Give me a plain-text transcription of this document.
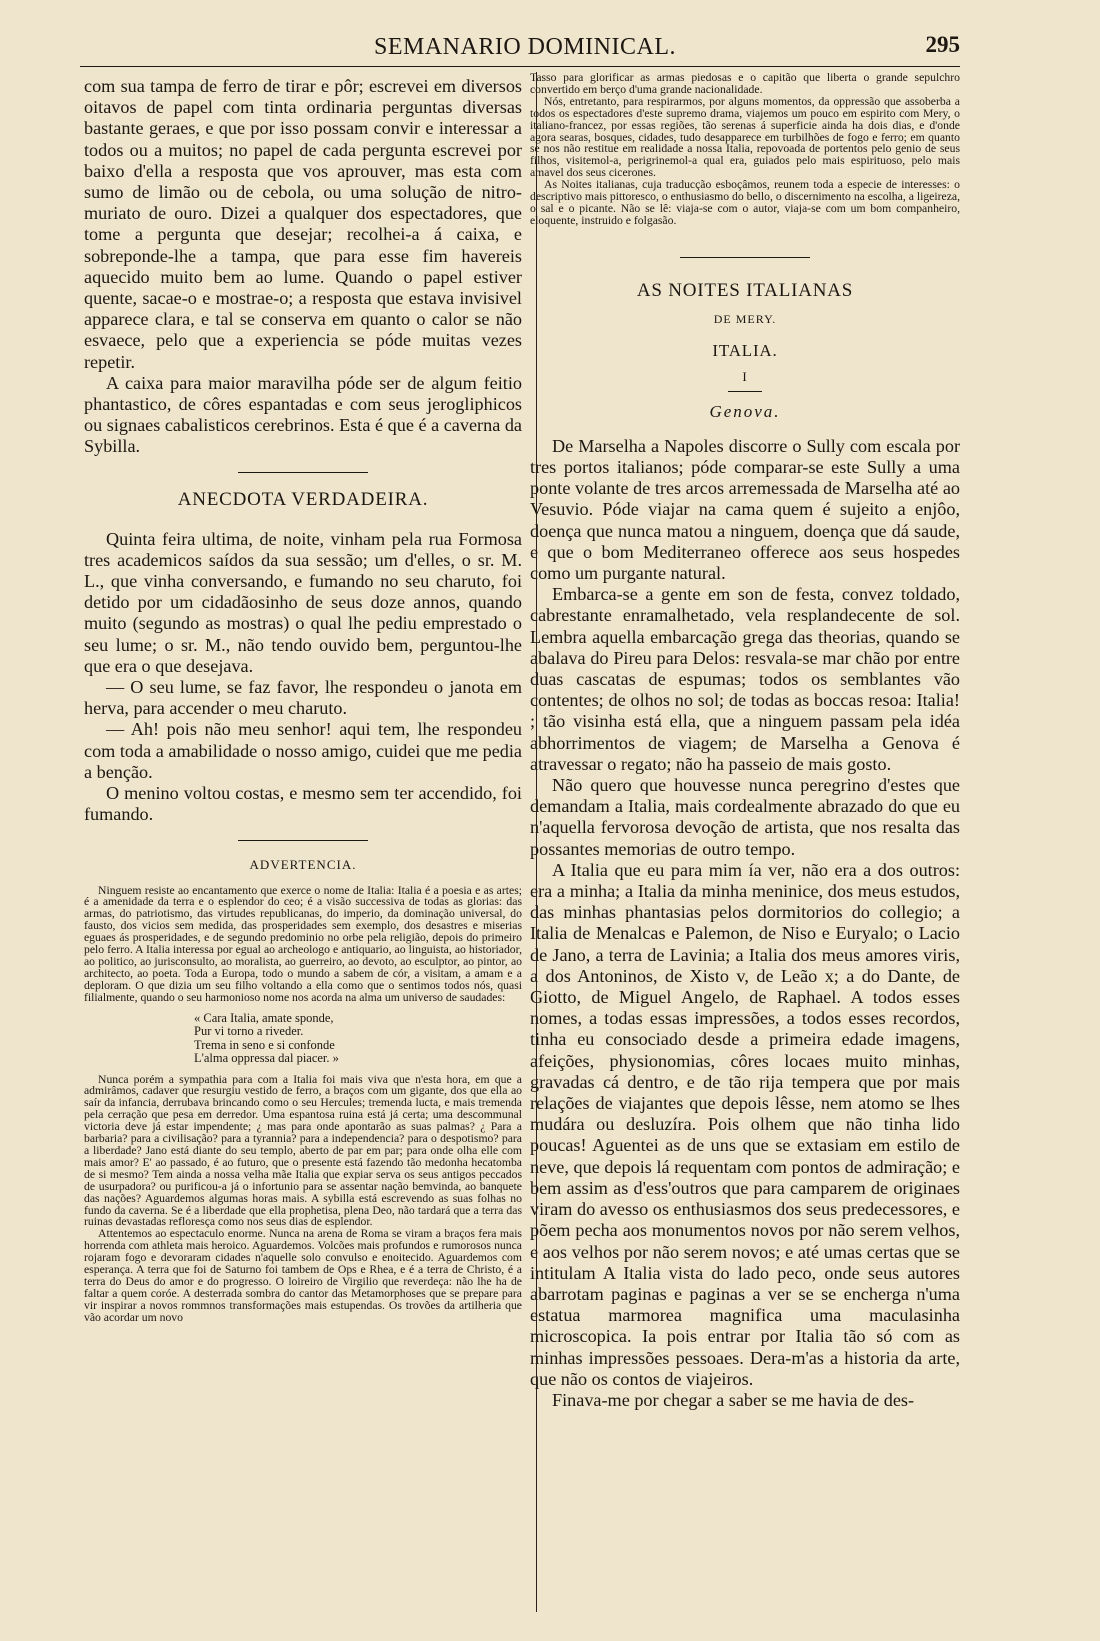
SEMANARIO DOMINICAL.	295

com sua tampa de ferro de tirar e pôr; escrevei em diversos oitavos de papel com tinta ordinaria perguntas diversas bastante geraes, e que por isso possam convir e interessar a todos ou a muitos; no papel de cada pergunta escrevei por baixo d'ella a resposta que vos aprouver, mas esta com sumo de limão ou de cebola, ou uma solução de nitro-muriato de ouro. Dizei a qualquer dos espectadores, que tome a pergunta que desejar; recolhei-a á caixa, e sobreponde-lhe a tampa, que para esse fim havereis aquecido muito bem ao lume. Quando o papel estiver quente, sacae-o e mostrae-o; a resposta que estava invisivel apparece clara, e tal se conserva em quanto o calor se não esvaece, pelo que a experiencia se póde muitas vezes repetir.

A caixa para maior maravilha póde ser de algum feitio phantastico, de côres espantadas e com seus jerogliphicos ou signaes cabalisticos cerebrinos. Esta é que é a caverna da Sybilla.

ANECDOTA VERDADEIRA.

Quinta feira ultima, de noite, vinham pela rua Formosa tres academicos saídos da sua sessão; um d'elles, o sr. M. L., que vinha conversando, e fumando no seu charuto, foi detido por um cidadãosinho de seus doze annos, quando muito (segundo as mostras) o qual lhe pediu emprestado o seu lume; o sr. M., não tendo ouvido bem, perguntou-lhe que era o que desejava.

— O seu lume, se faz favor, lhe respondeu o janota em herva, para accender o meu charuto.

— Ah! pois não meu senhor! aqui tem, lhe respondeu com toda a amabilidade o nosso amigo, cuidei que me pedia a benção.

O menino voltou costas, e mesmo sem ter accendido, foi fumando.

ADVERTENCIA.

Ninguem resiste ao encantamento que exerce o nome de Italia: Italia é a poesia e as artes; é a amenidade da terra e o esplendor do ceo; é a visão successiva de todas as glorias: das armas, do patriotismo, das virtudes republicanas, do imperio, da dominação universal, do fausto, dos vicios sem medida, das prosperidades sem exemplo, dos desastres e miserias eguaes ás prosperidades, e de segundo predominio no orbe pela religião, depois do primeiro pelo ferro. A Italia interessa por egual ao archeologo e antiquario, ao linguista, ao historiador, ao politico, ao jurisconsulto, ao moralista, ao guerreiro, ao devoto, ao esculptor, ao pintor, ao architecto, ao poeta. Toda a Europa, todo o mundo a sabem de cór, a visitam, a amam e a deploram. O que dizia um seu filho voltando a ella como que o sentimos todos nós, quasi filialmente, quando o seu harmonioso nome nos acorda na alma um universo de saudades:

« Cara Italia, amate sponde,
Pur vi torno a riveder.
Trema in seno e si confonde
L'alma oppressa dal piacer. »

Nunca porém a sympathia para com a Italia foi mais viva que n'esta hora, em que a admirâmos, cadaver que resurgiu vestido de ferro, a braços com um gigante, dos que ella ao saír da infancia, derrubava brincando como o seu Hercules; tremenda lucta, e mais tremenda pela cerração que pesa em derredor. Uma espantosa ruina está já certa; uma descommunal victoria deve já estar impendente; ¿ mas para onde apontarão as suas palmas? ¿ Para a barbaria? para a civilisação? para a tyrannia? para a independencia? para o despotismo? para a liberdade? Jano está diante do seu templo, aberto de par em par; para onde olha elle com mais amor? E' ao passado, é ao futuro, que o presente está fazendo tão medonha hecatomba de si mesmo? Tem ainda a nossa velha mãe Italia que expiar serva os seus antigos peccados de usurpadora? ou purificou-a já o infortunio para se assentar nação bemvinda, ao banquete das nações? Aguardemos algumas horas mais. A sybilla está escrevendo as suas folhas no fundo da caverna. Se é a liberdade que ella prophetisa, plena Deo, não tardará que a terra das ruinas devastadas refloresça como nos seus dias de esplendor.

Attentemos ao espectaculo enorme. Nunca na arena de Roma se viram a braços fera mais horrenda com athleta mais heroico. Aguardemos. Volcões mais profundos e rumorosos nunca rojaram fogo e devoraram cidades n'aquelle solo convulso e enoitecido. Aguardemos com esperança. A terra que foi de Saturno foi tambem de Ops e Rhea, e é a terra de Christo, é a terra do Deus do amor e do progresso. O loireiro de Virgilio que reverdeça: não lhe ha de faltar a quem coróe. A desterrada sombra do cantor das Metamorphoses que se prepare para vir inspirar a novos rommnos transformações mais estupendas. Os trovões da artilheria que vão acordar um novo

Tasso para glorificar as armas piedosas e o capitão que liberta o grande sepulchro convertido em berço d'uma grande nacionalidade.

Nós, entretanto, para respirarmos, por alguns momentos, da oppressão que assoberba a todos os espectadores d'este supremo drama, viajemos um pouco em espirito com Mery, o italiano-francez, por essas regiões, tão serenas á superficie ainda ha dois dias, e d'onde agora searas, bosques, cidades, tudo desapparece em turbilhões de fogo e ferro; em quanto se nos não restitue em realidade a nossa Italia, repovoada de portentos pelo genio de seus filhos, visitemol-a, perigrinemol-a qual era, guiados pelo mais espirituoso, pelo mais amavel dos seus cicerones.

As Noites italianas, cuja traducção esboçâmos, reunem toda a especie de interesses: o descriptivo mais pittoresco, o enthusiasmo do bello, o discernimento na escolha, a ligeireza, o sal e o picante. Não se lê: viaja-se com o autor, viaja-se com um bom companheiro, eloquente, instruido e folgasão.

AS NOITES ITALIANAS
DE MERY.
ITALIA.
I
Genova.

De Marselha a Napoles discorre o Sully com escala por tres portos italianos; póde comparar-se este Sully a uma ponte volante de tres arcos arremessada de Marselha até ao Vesuvio. Póde viajar na cama quem é sujeito a enjôo, doença que nunca matou a ninguem, doença que dá saude, e que o bom Mediterraneo offerece aos seus hospedes como um purgante natural.

Embarca-se a gente em son de festa, convez toldado, cabrestante enramalhetado, vela resplandecente de sol. Lembra aquella embarcação grega das theorias, quando se abalava do Pireu para Delos: resvala-se mar chão por entre duas cascatas de espumas; todos os semblantes vão contentes; de olhos no sol; de todas as boccas resoa: Italia! ; tão visinha está ella, que a ninguem passam pela idéa abhorrimentos de viagem; de Marselha a Genova é atravessar o regato; não ha passeio de mais gosto.

Não quero que houvesse nunca peregrino d'estes que demandam a Italia, mais cordealmente abrazado do que eu n'aquella fervorosa devoção de artista, que nos resalta das possantes memorias de outro tempo.

A Italia que eu para mim ía ver, não era a dos outros: era a minha; a Italia da minha meninice, dos meus estudos, das minhas phantasias pelos dormitorios do collegio; a Italia de Menalcas e Palemon, de Niso e Euryalo; o Lacio de Jano, a terra de Lavinia; a Italia dos meus amores viris, a dos Antoninos, de Xisto v, de Leão x; a do Dante, de Giotto, de Miguel Angelo, de Raphael. A todos esses nomes, a todas essas impressões, a todos esses recordos, tinha eu consociado desde a primeira edade imagens, afeições, physionomias, côres locaes muito minhas, gravadas cá dentro, e de tão rija tempera que por mais relações de viajantes que depois lêsse, nem atomo se lhes mudára ou desluzíra. Pois olhem que não tinha lido poucas! Aguentei as de uns que se extasiam em estilo de neve, que depois lá requentam com pontos de admiração; e bem assim as d'ess'outros que para camparem de originaes viram do avesso os enthusiasmos dos seus predecessores, e põem pecha aos monumentos novos por não serem velhos, e aos velhos por não serem novos; e até umas certas que se intitulam A Italia vista do lado peco, onde seus autores abarrotam paginas e paginas a ver se se encherga n'uma estatua marmorea magnifica uma maculasinha microscopica. Ia pois entrar por Italia tão só com as minhas impressões pessoaes. Dera-m'as a historia da arte, que não os contos de viajeiros.

Finava-me por chegar a saber se me havia de des-
